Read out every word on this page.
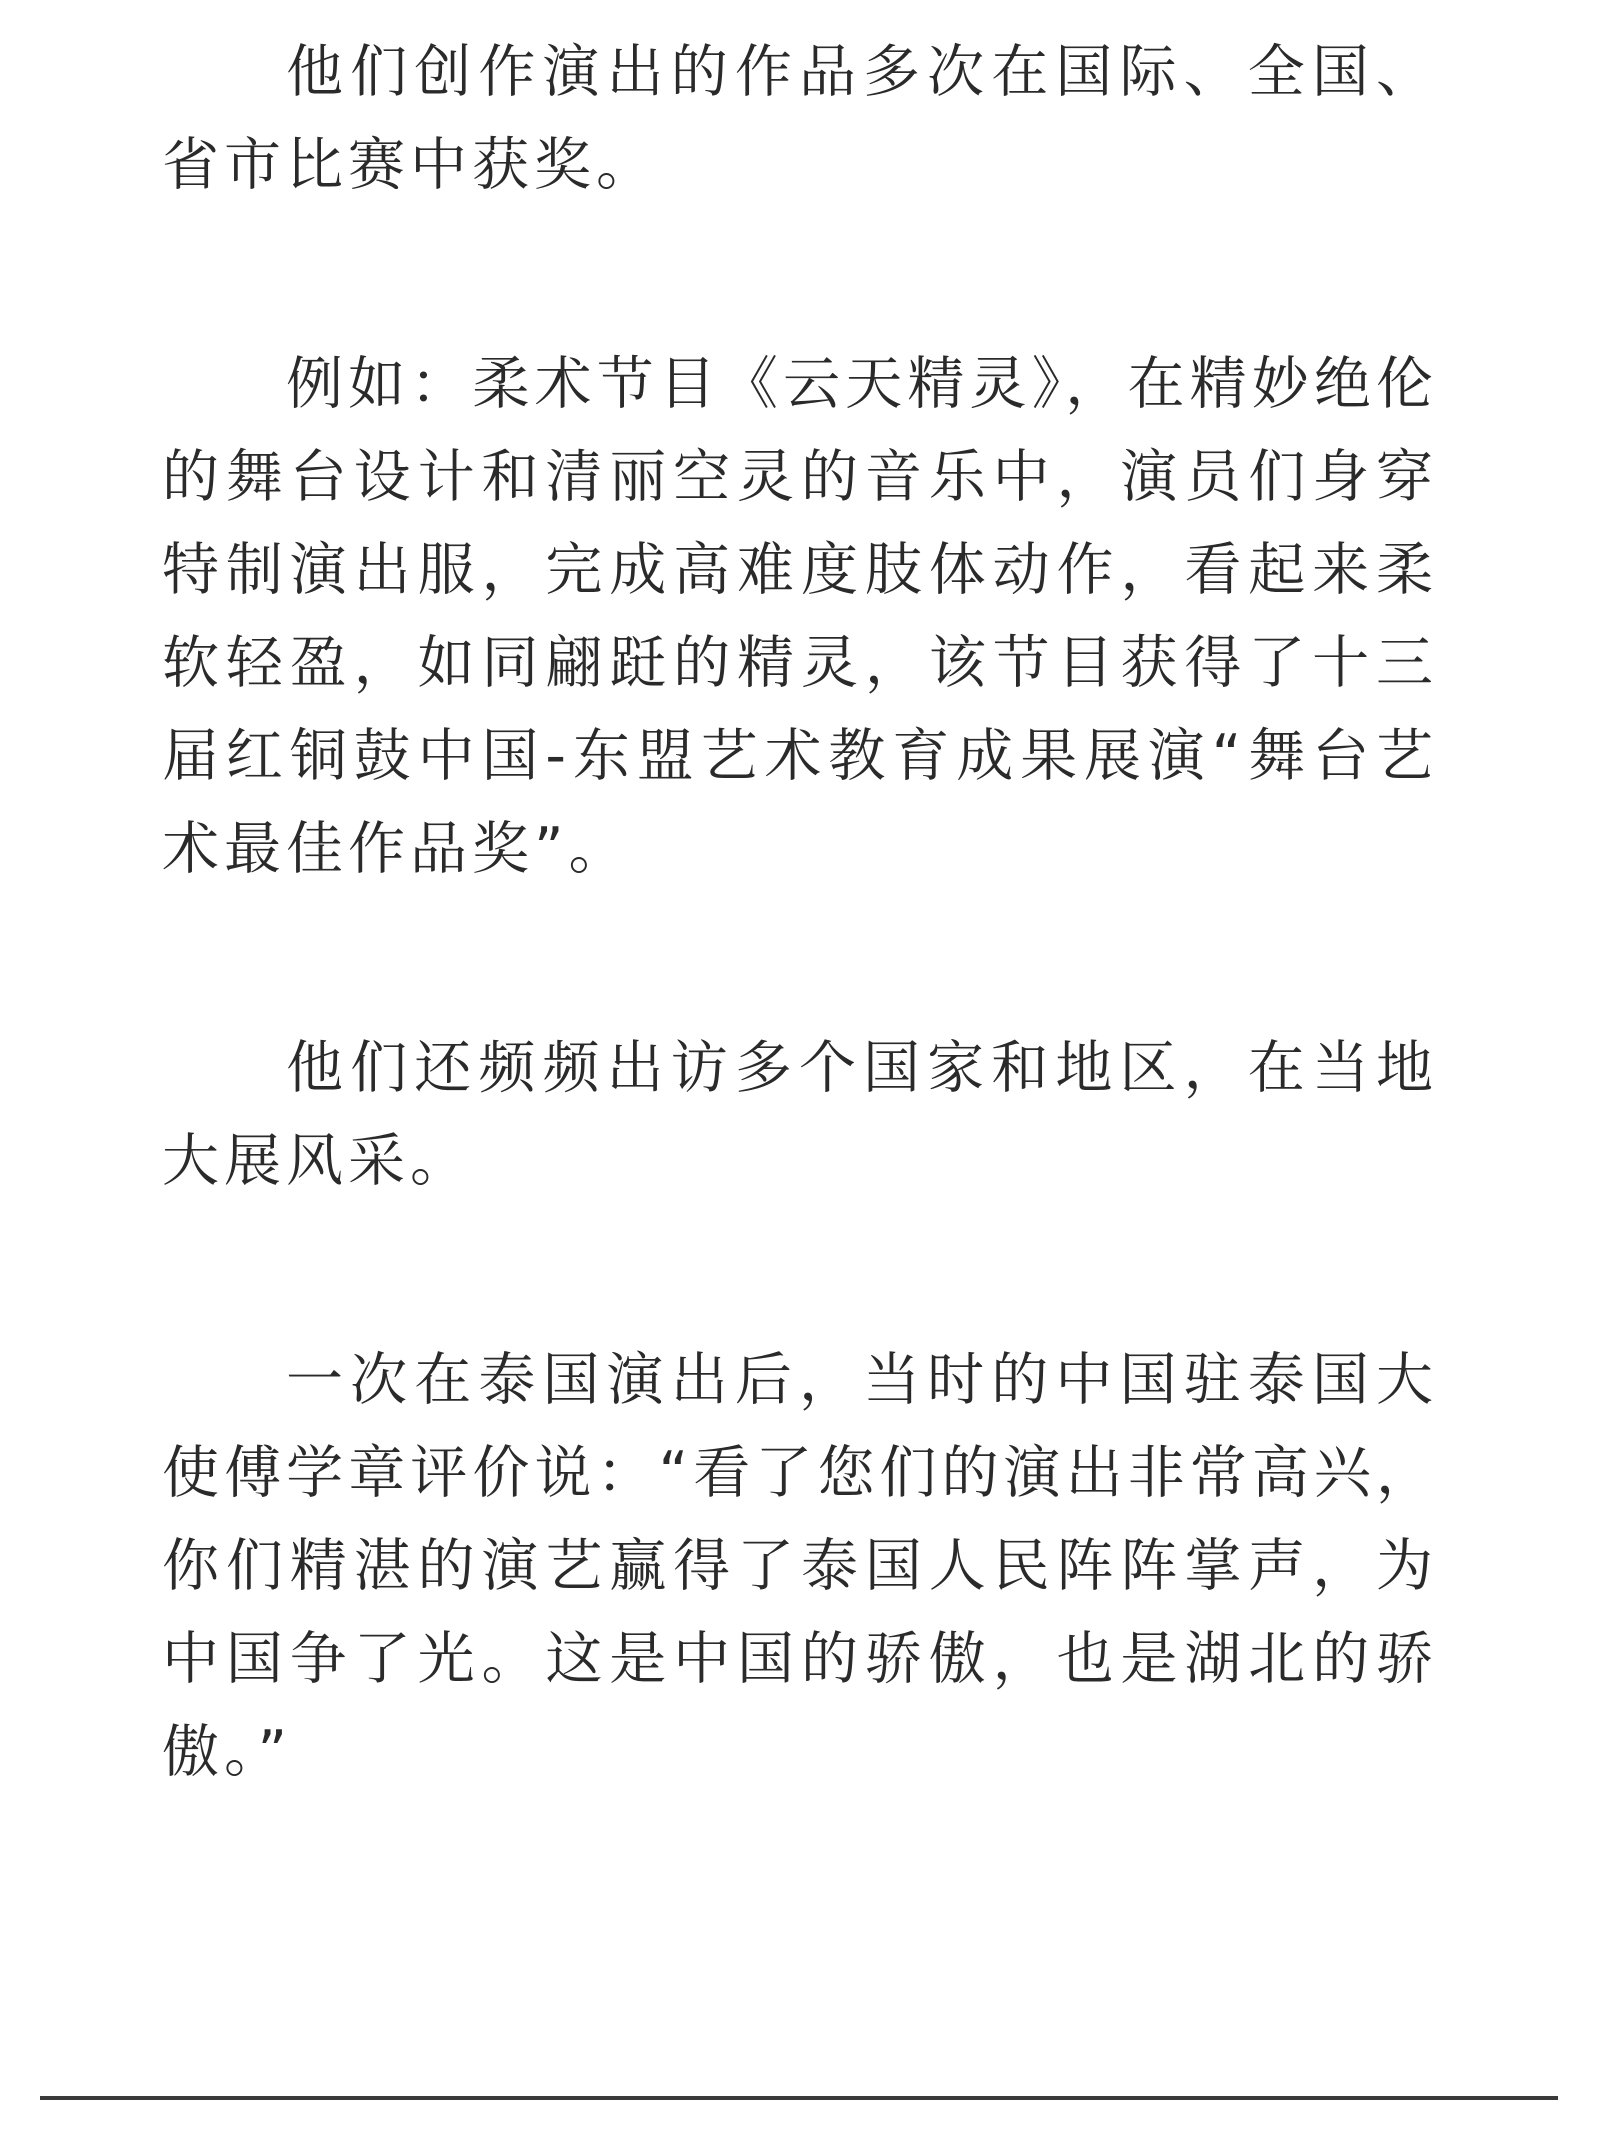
他们创作演出的作品多次在国际、全国、省市比赛中获奖。

例如：柔术节目《云天精灵》，在精妙绝伦的舞台设计和清丽空灵的音乐中，演员们身穿特制演出服，完成高难度肢体动作，看起来柔软轻盈，如同翩跹的精灵，该节目获得了十三届红铜鼓中国-东盟艺术教育成果展演“舞台艺术最佳作品奖”。

他们还频频出访多个国家和地区，在当地大展风采。

一次在泰国演出后，当时的中国驻泰国大使傅学章评价说：“看了您们的演出非常高兴，你们精湛的演艺赢得了泰国人民阵阵掌声，为中国争了光。这是中国的骄傲，也是湖北的骄傲。”
